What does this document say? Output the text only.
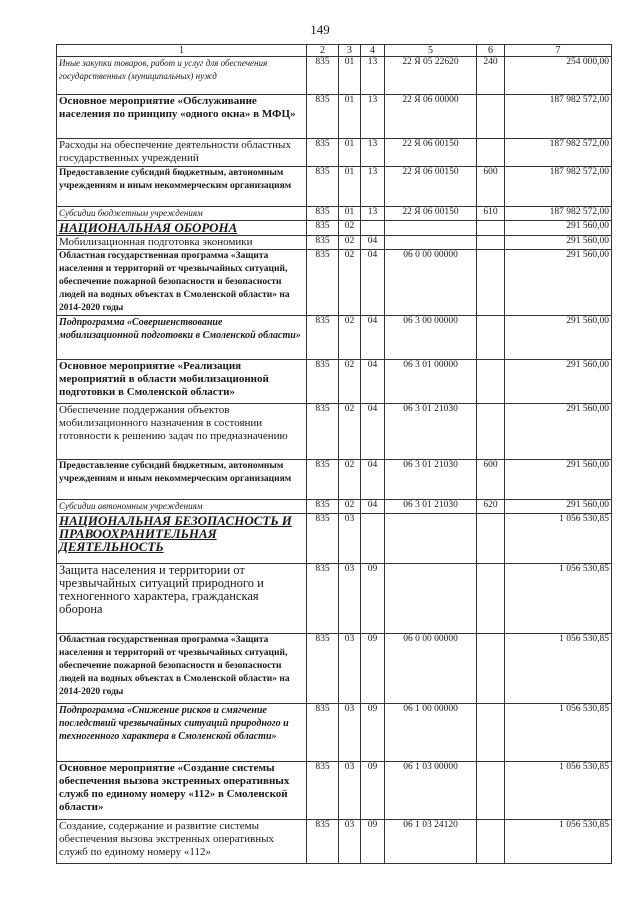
149
1	2	3	4	5	6	7
Иные закупки товаров, работ и услуг для обеспечения государственных (муниципальных) нужд	835	01	13	22 Я 05 22620	240	254 000,00
Основное мероприятие «Обслуживание населения по принципу «одного окна» в МФЦ»	835	01	13	22 Я 06 00000		187 982 572,00
Расходы на обеспечение деятельности областных государственных учреждений	835	01	13	22 Я 06 00150		187 982 572,00
Предоставление субсидий бюджетным, автономным учреждениям и иным некоммерческим организациям	835	01	13	22 Я 06 00150	600	187 982 572,00
Субсидии бюджетным учреждениям	835	01	13	22 Я 06 00150	610	187 982 572,00
НАЦИОНАЛЬНАЯ ОБОРОНА	835	02				291 560,00
Мобилизационная подготовка экономики	835	02	04			291 560,00
Областная государственная программа «Защита населения и территорий от чрезвычайных ситуаций, обеспечение пожарной безопасности и безопасности людей на водных объектах в Смоленской области» на 2014-2020 годы	835	02	04	06 0 00 00000		291 560,00
Подпрограмма «Совершенствование мобилизационной подготовки в Смоленской области»	835	02	04	06 3 00 00000		291 560,00
Основное мероприятие «Реализация мероприятий в области мобилизационной подготовки в Смоленской области»	835	02	04	06 3 01 00000		291 560,00
Обеспечение поддержания объектов мобилизационного назначения в состоянии готовности к решению задач по предназначению	835	02	04	06 3 01 21030		291 560,00
Предоставление субсидий бюджетным, автономным учреждениям и иным некоммерческим организациям	835	02	04	06 3 01 21030	600	291 560,00
Субсидии автономным учреждениям	835	02	04	06 3 01 21030	620	291 560,00
НАЦИОНАЛЬНАЯ БЕЗОПАСНОСТЬ И ПРАВООХРАНИТЕЛЬНАЯ ДЕЯТЕЛЬНОСТЬ	835	03				1 056 530,85
Защита населения и территории от чрезвычайных ситуаций природного и техногенного характера, гражданская оборона	835	03	09			1 056 530,85
Областная государственная программа «Защита населения и территорий от чрезвычайных ситуаций, обеспечение пожарной безопасности и безопасности людей на водных объектах в Смоленской области» на 2014-2020 годы	835	03	09	06 0 00 00000		1 056 530,85
Подпрограмма «Снижение рисков и смягчение последствий чрезвычайных ситуаций природного и техногенного характера в Смоленской области»	835	03	09	06 1 00 00000		1 056 530,85
Основное мероприятие «Создание системы обеспечения вызова экстренных оперативных служб по единому номеру «112» в Смоленской области»	835	03	09	06 1 03 00000		1 056 530,85
Создание, содержание и развитие системы обеспечения вызова экстренных оперативных служб по единому номеру «112»	835	03	09	06 1 03 24120		1 056 530,85
